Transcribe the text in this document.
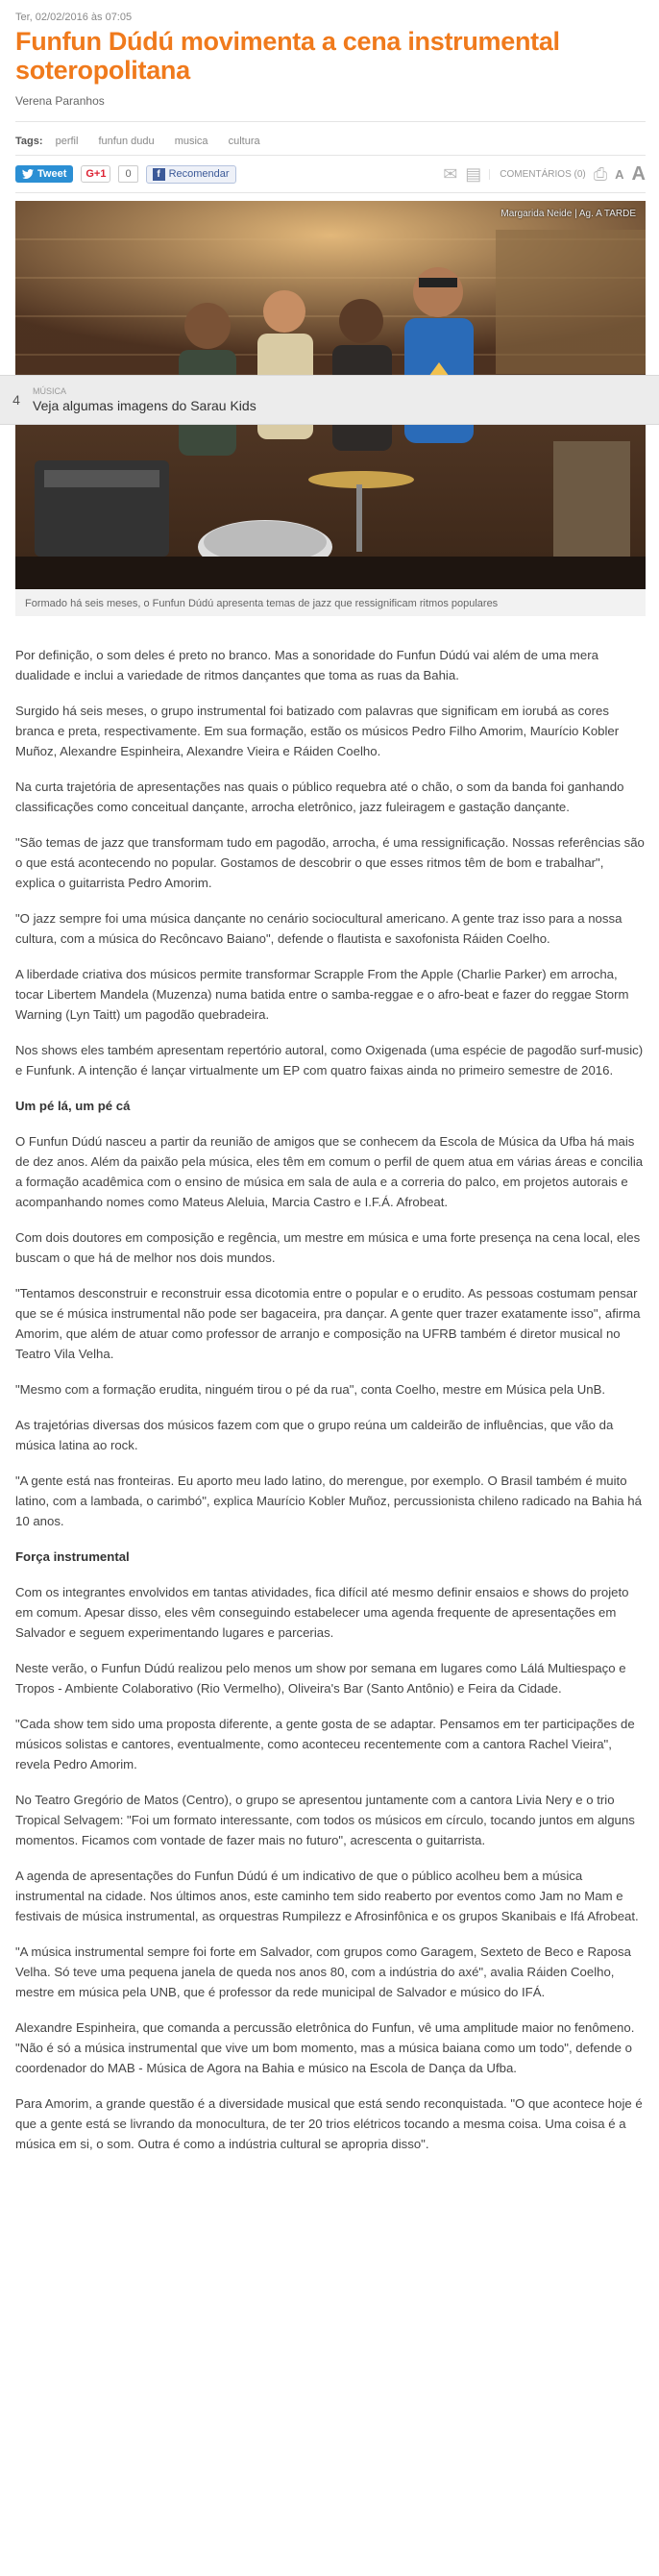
Ter, 02/02/2016 às 07:05
Funfun Dúdú movimenta a cena instrumental soteropolitana
Verena Paranhos
Tags: perfil funfun dudu musica cultura
Tweet	G+1	0	f Recomendar	✉ ▤	COMENTÁRIOS (0) ⎙ A A
Margarida Neide | Ag. A TARDE
Formado há seis meses, o Funfun Dúdú apresenta temas de jazz que ressignificam ritmos populares

Por definição, o som deles é preto no branco. Mas a sonoridade do Funfun Dúdú vai além de uma mera dualidade e inclui a variedade de ritmos dançantes que toma as ruas da Bahia.

Surgido há seis meses, o grupo instrumental foi batizado com palavras que significam em iorubá as cores branca e preta, respectivamente. Em sua formação, estão os músicos Pedro Filho Amorim, Maurício Kobler Muñoz, Alexandre Espinheira, Alexandre Vieira e Ráiden Coelho.

Na curta trajetória de apresentações nas quais o público requebra até o chão, o som da banda foi ganhando classificações como conceitual dançante, arrocha eletrônico, jazz fuleiragem e gastação dançante.

"São temas de jazz que transformam tudo em pagodão, arrocha, é uma ressignificação. Nossas referências são o que está acontecendo no popular. Gostamos de descobrir o que esses ritmos têm de bom e trabalhar", explica o guitarrista Pedro Amorim.

"O jazz sempre foi uma música dançante no cenário sociocultural americano. A gente traz isso para a nossa cultura, com a música do Recôncavo Baiano", defende o flautista e saxofonista Ráiden Coelho.

A liberdade criativa dos músicos permite transformar Scrapple From the Apple (Charlie Parker) em arrocha, tocar Libertem Mandela (Muzenza) numa batida entre o samba-reggae e o afro-beat e fazer do reggae Storm Warning (Lyn Taitt) um pagodão quebradeira.

Nos shows eles também apresentam repertório autoral, como Oxigenada (uma espécie de pagodão surf-music) e Funfunk. A intenção é lançar virtualmente um EP com quatro faixas ainda no primeiro semestre de 2016.

Um pé lá, um pé cá

O Funfun Dúdú nasceu a partir da reunião de amigos que se conhecem da Escola de Música da Ufba há mais de dez anos. Além da paixão pela música, eles têm em comum o perfil de quem atua em várias áreas e concilia a formação acadêmica com o ensino de música em sala de aula e a correria do palco, em projetos autorais e acompanhando nomes como Mateus Aleluia, Marcia Castro e I.F.Á. Afrobeat.

Com dois doutores em composição e regência, um mestre em música e uma forte presença na cena local, eles buscam o que há de melhor nos dois mundos.

"Tentamos desconstruir e reconstruir essa dicotomia entre o popular e o erudito. As pessoas costumam pensar que se é música instrumental não pode ser bagaceira, pra dançar. A gente quer trazer exatamente isso", afirma Amorim, que além de atuar como professor de arranjo e composição na UFRB também é diretor musical no Teatro Vila Velha.

"Mesmo com a formação erudita, ninguém tirou o pé da rua", conta Coelho, mestre em Música pela UnB.

As trajetórias diversas dos músicos fazem com que o grupo reúna um caldeirão de influências, que vão da música latina ao rock.

"A gente está nas fronteiras. Eu aporto meu lado latino, do merengue, por exemplo. O Brasil também é muito latino, com a lambada, o carimbó", explica Maurício Kobler Muñoz, percussionista chileno radicado na Bahia há 10 anos.

Força instrumental

Com os integrantes envolvidos em tantas atividades, fica difícil até mesmo definir ensaios e shows do projeto em comum. Apesar disso, eles vêm conseguindo estabelecer uma agenda frequente de apresentações em Salvador e seguem experimentando lugares e parcerias.

Neste verão, o Funfun Dúdú realizou pelo menos um show por semana em lugares como Lálá Multiespaço e Tropos - Ambiente Colaborativo (Rio Vermelho), Oliveira's Bar (Santo Antônio) e Feira da Cidade.

"Cada show tem sido uma proposta diferente, a gente gosta de se adaptar. Pensamos em ter participações de músicos solistas e cantores, eventualmente, como aconteceu recentemente com a cantora Rachel Vieira", revela Pedro Amorim.

No Teatro Gregório de Matos (Centro), o grupo se apresentou juntamente com a cantora Livia Nery e o trio Tropical Selvagem: "Foi um formato interessante, com todos os músicos em círculo, tocando juntos em alguns momentos. Ficamos com vontade de fazer mais no futuro", acrescenta o guitarrista.

A agenda de apresentações do Funfun Dúdú é um indicativo de que o público acolheu bem a música instrumental na cidade. Nos últimos anos, este caminho tem sido reaberto por eventos como Jam no Mam e festivais de música instrumental, as orquestras Rumpilezz e Afrosinfônica e os grupos Skanibais e Ifá Afrobeat.

"A música instrumental sempre foi forte em Salvador, com grupos como Garagem, Sexteto de Beco e Raposa Velha. Só teve uma pequena janela de queda nos anos 80, com a indústria do axé", avalia Ráiden Coelho, mestre em música pela UNB, que é professor da rede municipal de Salvador e músico do IFÁ.

Alexandre Espinheira, que comanda a percussão eletrônica do Funfun, vê uma amplitude maior no fenômeno. "Não é só a música instrumental que vive um bom momento, mas a música baiana como um todo", defende o coordenador do MAB - Música de Agora na Bahia e músico na Escola de Dança da Ufba.

Para Amorim, a grande questão é a diversidade musical que está sendo reconquistada. "O que acontece hoje é que a gente está se livrando da monocultura, de ter 20 trios elétricos tocando a mesma coisa. Uma coisa é a música em si, o som. Outra é como a indústria cultural se apropria disso".

4
MÚSICA
Veja algumas imagens do Sarau Kids
